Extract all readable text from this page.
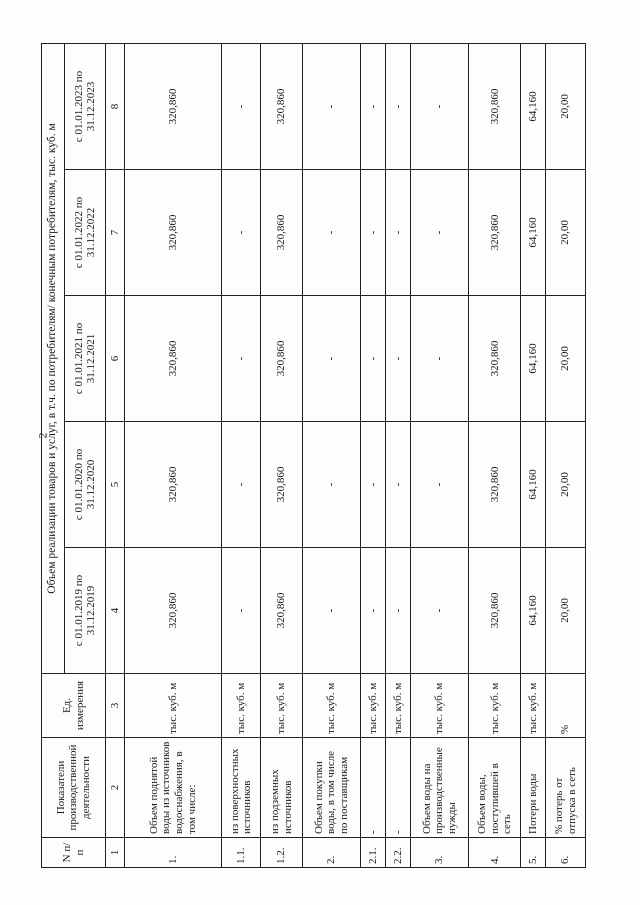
2
N п/п	Показатели производственной деятельности	Ед. измерения	Объем реализации товаров и услуг, в т.ч. по потребителям/ конечным потребителям, тыс. куб. м				
			с 01.01.2019 по 31.12.2019	с 01.01.2020 по 31.12.2020	с 01.01.2021 по 31.12.2021	с 01.01.2022 по 31.12.2022	с 01.01.2023 по 31.12.2023
1	2	3	4	5	6	7	8
1.	Объем поднятой воды из источников водоснабжения, в том числе:	тыс. куб. м	320,860	320,860	320,860	320,860	320,860
1.1.	из поверхностных источников	тыс. куб. м	-	-	-	-	-
1.2.	из подземных источников	тыс. куб. м	320,860	320,860	320,860	320,860	320,860
2.	Объем покупки воды, в том числе по поставщикам	тыс. куб. м	-	-	-	-	-
2.1.	-	тыс. куб. м	-	-	-	-	-
2.2.	-	тыс. куб. м	-	-	-	-	-
3.	Объем воды на производственные нужды	тыс. куб. м	-	-	-	-	-
4.	Объем воды, поступившей в сеть	тыс. куб. м	320,860	320,860	320,860	320,860	320,860
5.	Потери воды	тыс. куб. м	64,160	64,160	64,160	64,160	64,160
6.	% потерь от отпуска в сеть	%	20,00	20,00	20,00	20,00	20,00
